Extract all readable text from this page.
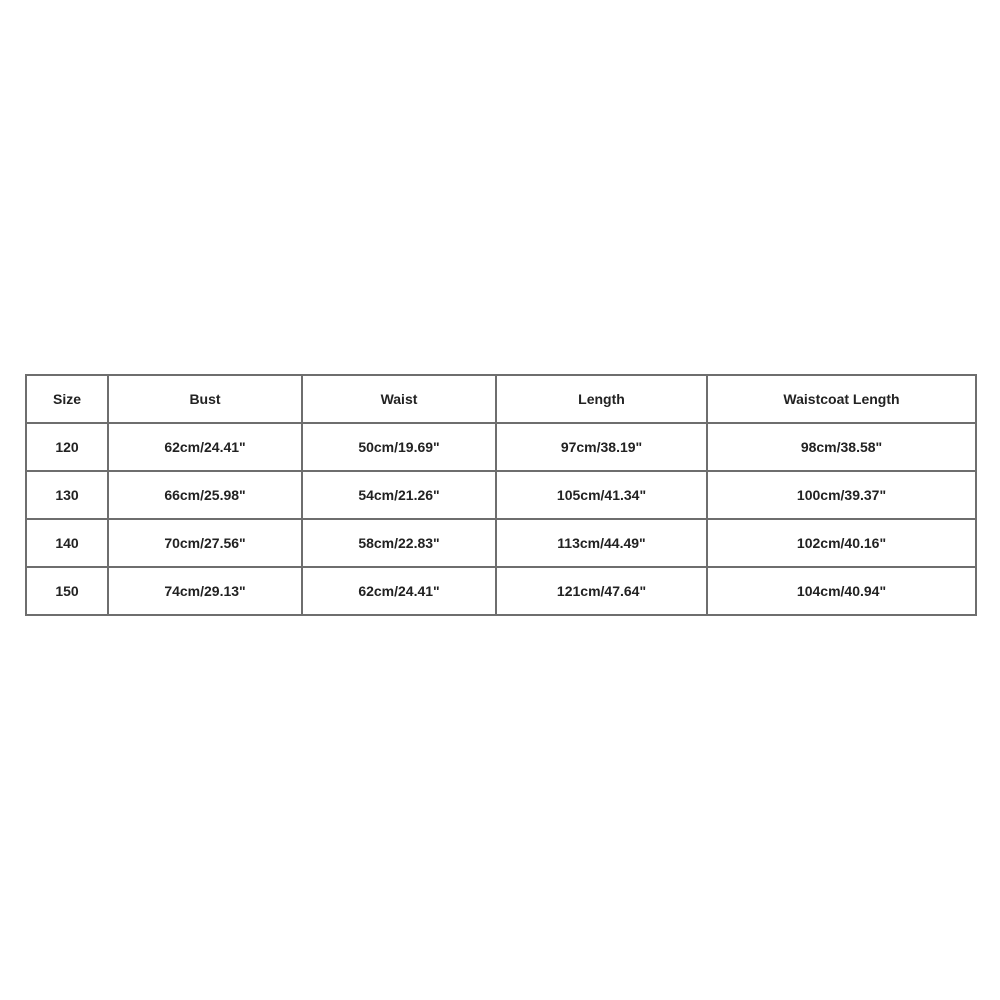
Size	Bust	Waist	Length	Waistcoat Length
120	62cm/24.41"	50cm/19.69"	97cm/38.19"	98cm/38.58"
130	66cm/25.98"	54cm/21.26"	105cm/41.34"	100cm/39.37"
140	70cm/27.56"	58cm/22.83"	113cm/44.49"	102cm/40.16"
150	74cm/29.13"	62cm/24.41"	121cm/47.64"	104cm/40.94"
